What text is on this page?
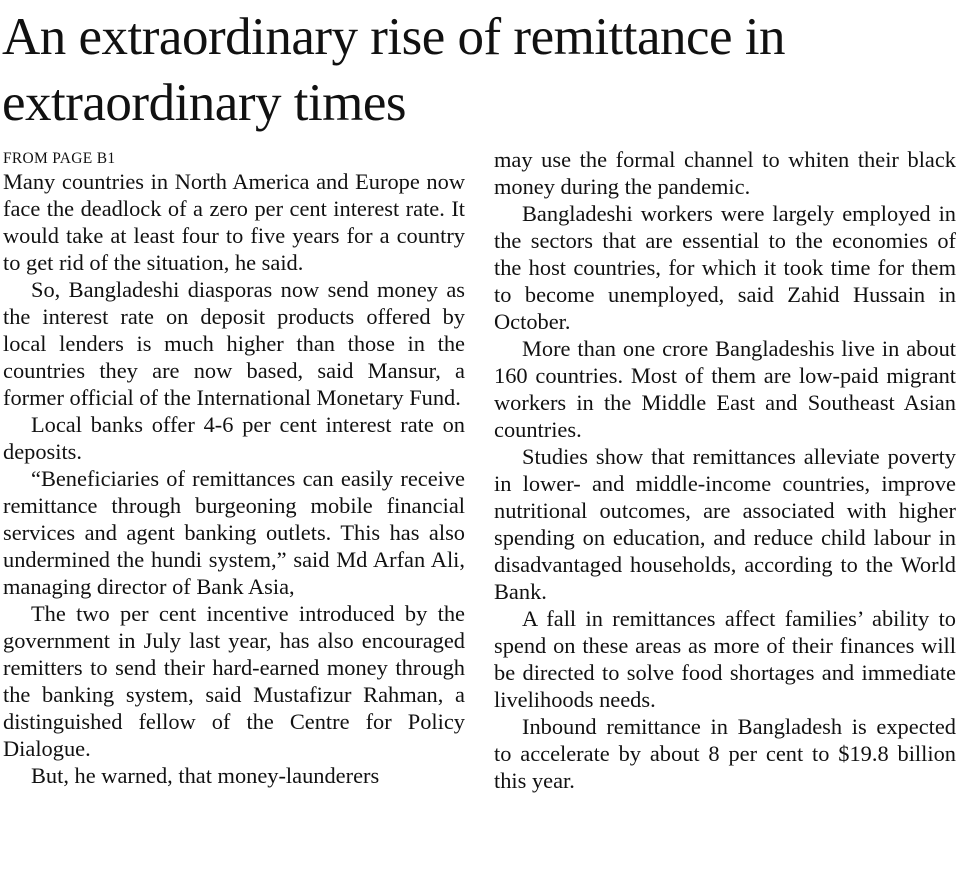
An extraordinary rise of remittance in extraordinary times
FROM PAGE B1

Many countries in North America and Europe now face the deadlock of a zero per cent interest rate. It would take at least four to five years for a country to get rid of the situation, he said.

So, Bangladeshi diasporas now send money as the interest rate on deposit products offered by local lenders is much higher than those in the countries they are now based, said Mansur, a former official of the International Monetary Fund.

Local banks offer 4-6 per cent interest rate on deposits.

“Beneficiaries of remittances can easily receive remittance through burgeoning mobile financial services and agent banking outlets. This has also undermined the hundi system,” said Md Arfan Ali, managing director of Bank Asia,

The two per cent incentive introduced by the government in July last year, has also encouraged remitters to send their hard-earned money through the banking system, said Mustafizur Rahman, a distinguished fellow of the Centre for Policy Dialogue.

But, he warned, that money-launderers

may use the formal channel to whiten their black money during the pandemic.

Bangladeshi workers were largely employed in the sectors that are essential to the economies of the host countries, for which it took time for them to become unemployed, said Zahid Hussain in October.

More than one crore Bangladeshis live in about 160 countries. Most of them are low-paid migrant workers in the Middle East and Southeast Asian countries.

Studies show that remittances alleviate poverty in lower- and middle-income countries, improve nutritional outcomes, are associated with higher spending on education, and reduce child labour in disadvantaged households, according to the World Bank.

A fall in remittances affect families’ ability to spend on these areas as more of their finances will be directed to solve food shortages and immediate livelihoods needs.

Inbound remittance in Bangladesh is expected to accelerate by about 8 per cent to $19.8 billion this year.
